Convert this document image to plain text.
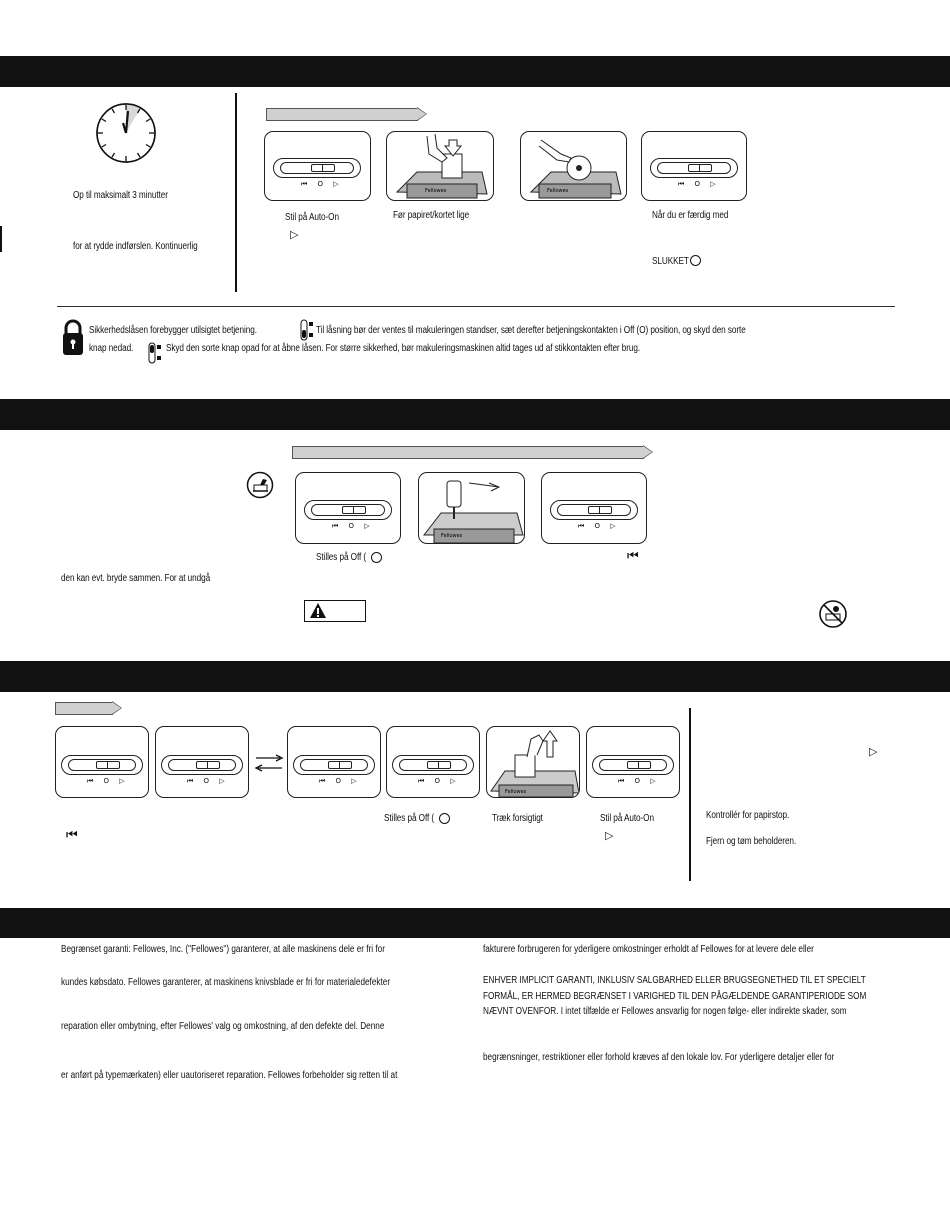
Op til maksimalt 3 minutter
for at rydde indførslen. Kontinuerlig
⏮ O ▷
Fellowes	Fellowes
⏮ O ▷
Stil på Auto-On
▷
Før papiret/kortet lige	Når du er færdig med
SLUKKET
Sikkerhedslåsen forebygger utilsigtet betjening.	Til låsning bør der ventes til makuleringen standser, sæt derefter betjeningskontakten i Off (O) position, og skyd den sorte
knap nedad.	Skyd den sorte knap opad for at åbne låsen. For større sikkerhed, bør makuleringsmaskinen altid tages ud af stikkontakten efter brug.
⏮ O ▷
Fellowes
⏮ O ▷
Stilles på Off (	⏮
den kan evt. bryde sammen. For at undgå
⏮ O ▷	⏮ O ▷	⏮ O ▷	⏮ O ▷
Fellowes
⏮ O ▷
⏮
Stilles på Off (	Træk forsigtigt	Stil på Auto-On
▷
▷
Kontrollér for papirstop.
Fjern og tøm beholderen.
Begrænset garanti: Fellowes, Inc. ("Fellowes") garanterer, at alle maskinens dele er fri for
kundes købsdato. Fellowes garanterer, at maskinens knivsblade er fri for materialedefekter
reparation eller ombytning, efter Fellowes' valg og omkostning, af den defekte del. Denne
er anført på typemærkaten) eller uautoriseret reparation. Fellowes forbeholder sig retten til at
fakturere forbrugeren for yderligere omkostninger erholdt af Fellowes for at levere dele eller
ENHVER IMPLICIT GARANTI, INKLUSIV SALGBARHED ELLER BRUGSEGNETHED TIL ET SPECIELT
FORMÅL, ER HERMED BEGRÆNSET I VARIGHED TIL DEN PÅGÆLDENDE GARANTIPERIODE SOM
NÆVNT OVENFOR. I intet tilfælde er Fellowes ansvarlig for nogen følge- eller indirekte skader, som
begrænsninger, restriktioner eller forhold kræves af den lokale lov. For yderligere detaljer eller for
